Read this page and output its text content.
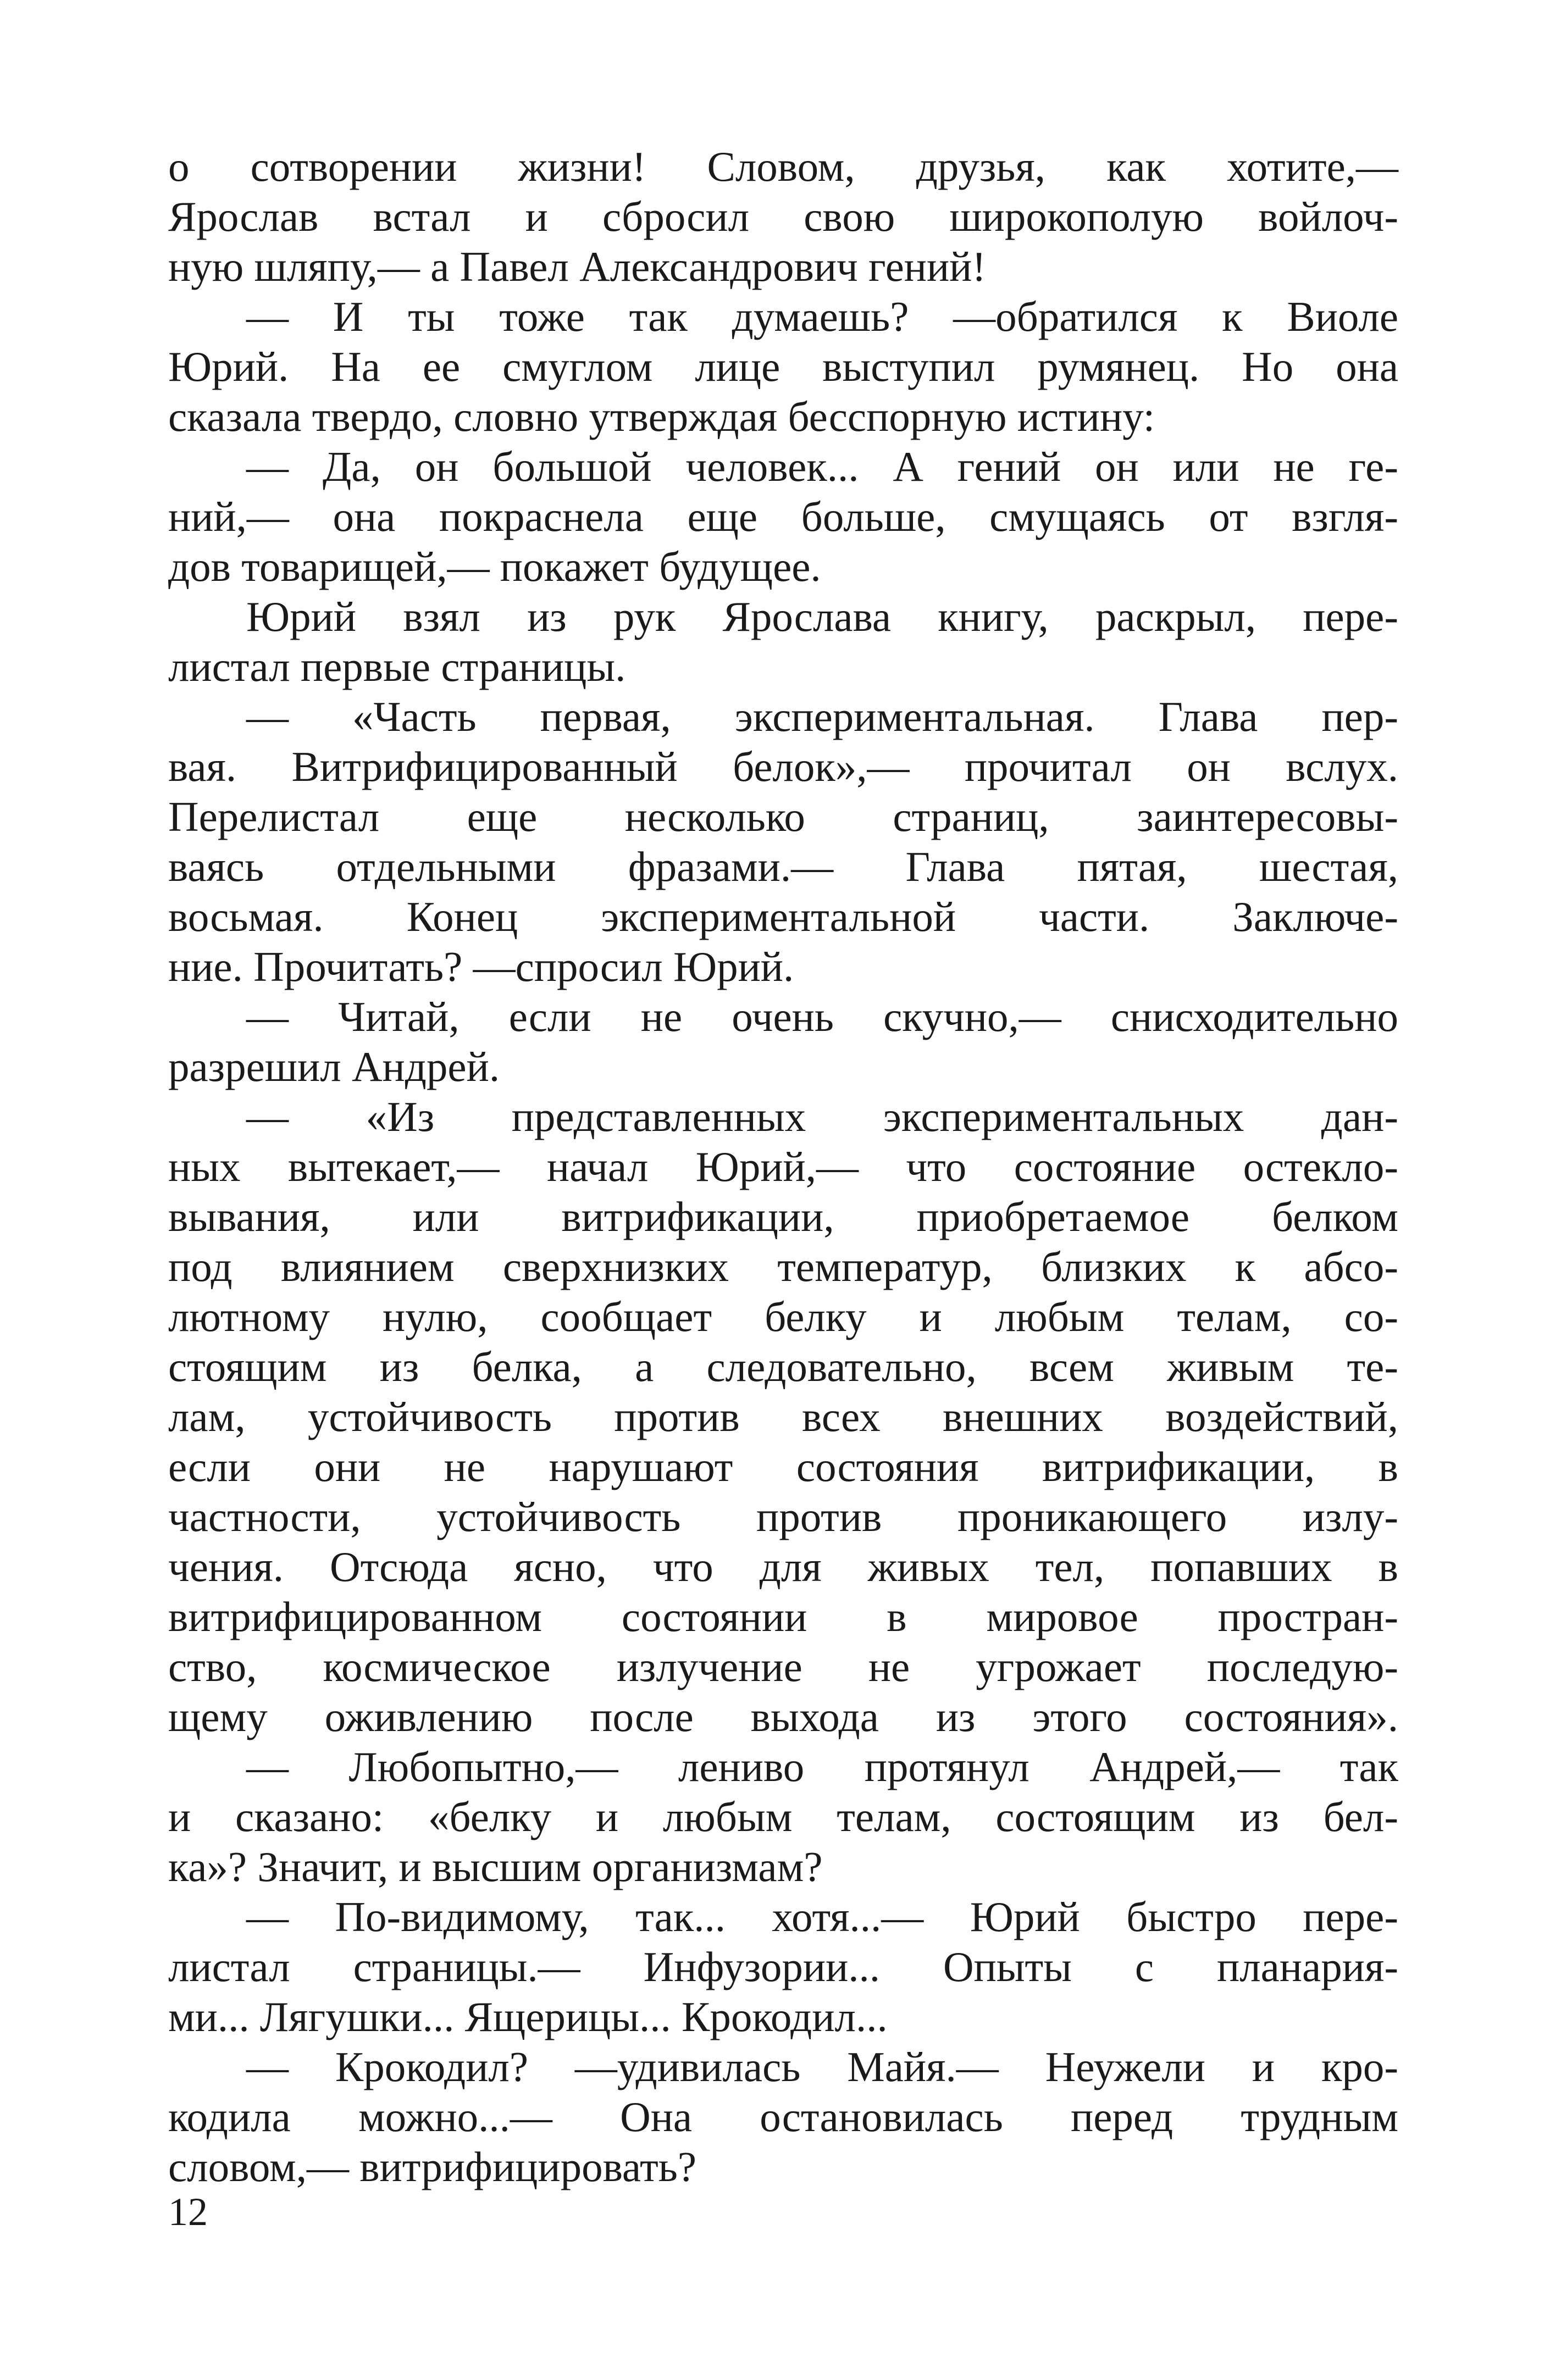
о сотворении жизни! Словом, друзья, как хотите,—
Ярослав встал и сбросил свою широкополую войлоч-
ную шляпу,— а Павел Александрович гений!
— И ты тоже так думаешь? —обратился к Виоле
Юрий. На ее смуглом лице выступил румянец. Но она
сказала твердо, словно утверждая бесспорную истину:
— Да, он большой человек... А гений он или не ге-
ний,— она покраснела еще больше, смущаясь от взгля-
дов товарищей,— покажет будущее.
Юрий взял из рук Ярослава книгу, раскрыл, пере-
листал первые страницы.
— «Часть первая, экспериментальная. Глава пер-
вая. Витрифицированный белок»,— прочитал он вслух.
Перелистал еще несколько страниц, заинтересовы-
ваясь отдельными фразами.— Глава пятая, шестая,
восьмая. Конец экспериментальной части. Заключе-
ние. Прочитать? —спросил Юрий.
— Читай, если не очень скучно,— снисходительно
разрешил Андрей.
— «Из представленных экспериментальных дан-
ных вытекает,— начал Юрий,— что состояние остекло-
вывания, или витрификации, приобретаемое белком
под влиянием сверхнизких температур, близких к абсо-
лютному нулю, сообщает белку и любым телам, со-
стоящим из белка, а следовательно, всем живым те-
лам, устойчивость против всех внешних воздействий,
если они не нарушают состояния витрификации, в
частности, устойчивость против проникающего излу-
чения. Отсюда ясно, что для живых тел, попавших в
витрифицированном состоянии в мировое простран-
ство, космическое излучение не угрожает последую-
щему оживлению после выхода из этого состояния».
— Любопытно,— лениво протянул Андрей,— так
и сказано: «белку и любым телам, состоящим из бел-
ка»? Значит, и высшим организмам?
— По-видимому, так... хотя...— Юрий быстро пере-
листал страницы.— Инфузории... Опыты с планария-
ми... Лягушки... Ящерицы... Крокодил...
— Крокодил? —удивилась Майя.— Неужели и кро-
кодила можно...— Она остановилась перед трудным
словом,— витрифицировать?
12
